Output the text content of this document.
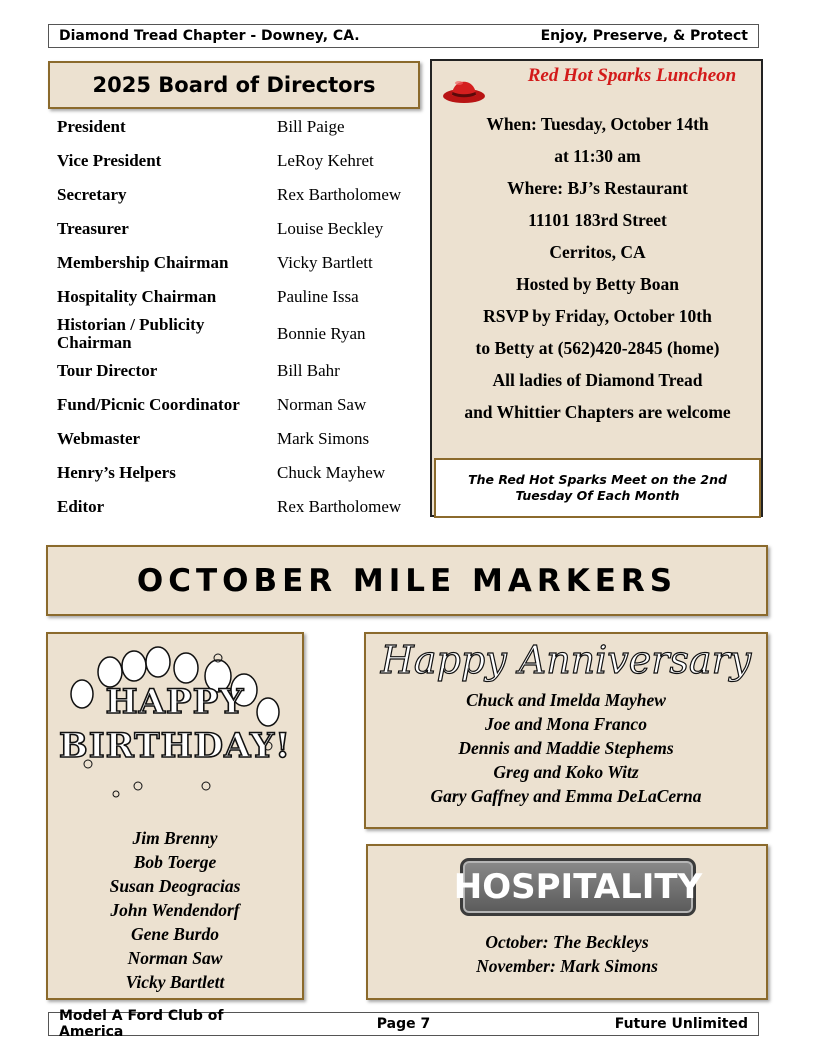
Diamond Tread Chapter - Downey, CA.	Enjoy, Preserve, & Protect
2025 Board of Directors
President	Bill Paige
Vice President	LeRoy Kehret
Secretary	Rex Bartholomew
Treasurer	Louise Beckley
Membership Chairman	Vicky Bartlett
Hospitality Chairman	Pauline Issa
Historian / Publicity Chairman	Bonnie Ryan
Tour Director	Bill Bahr
Fund/Picnic Coordinator	Norman Saw
Webmaster	Mark Simons
Henry’s Helpers	Chuck Mayhew
Editor	Rex Bartholomew
Red Hot Sparks Luncheon
When: Tuesday, October 14th
at 11:30 am
Where: BJ’s Restaurant
11101 183rd Street
Cerritos, CA
Hosted by Betty Boan
RSVP by Friday, October 10th
to Betty at (562)420-2845 (home)
All ladies of Diamond Tread
and Whittier Chapters are welcome
The Red Hot Sparks Meet on the 2nd Tuesday Of Each Month
OCTOBER MILE MARKERS
HAPPY
BIRTHDAY!
Jim Brenny
Bob Toerge
Susan Deogracias
John Wendendorf
Gene Burdo
Norman Saw
Vicky Bartlett
Happy Anniversary
Chuck and Imelda Mayhew
Joe and Mona Franco
Dennis and Maddie Stephems
Greg and Koko Witz
Gary Gaffney and Emma DeLaCerna
HOSPITALITY
October: The Beckleys
November: Mark Simons
Model A Ford Club of America	Page 7	Future Unlimited
